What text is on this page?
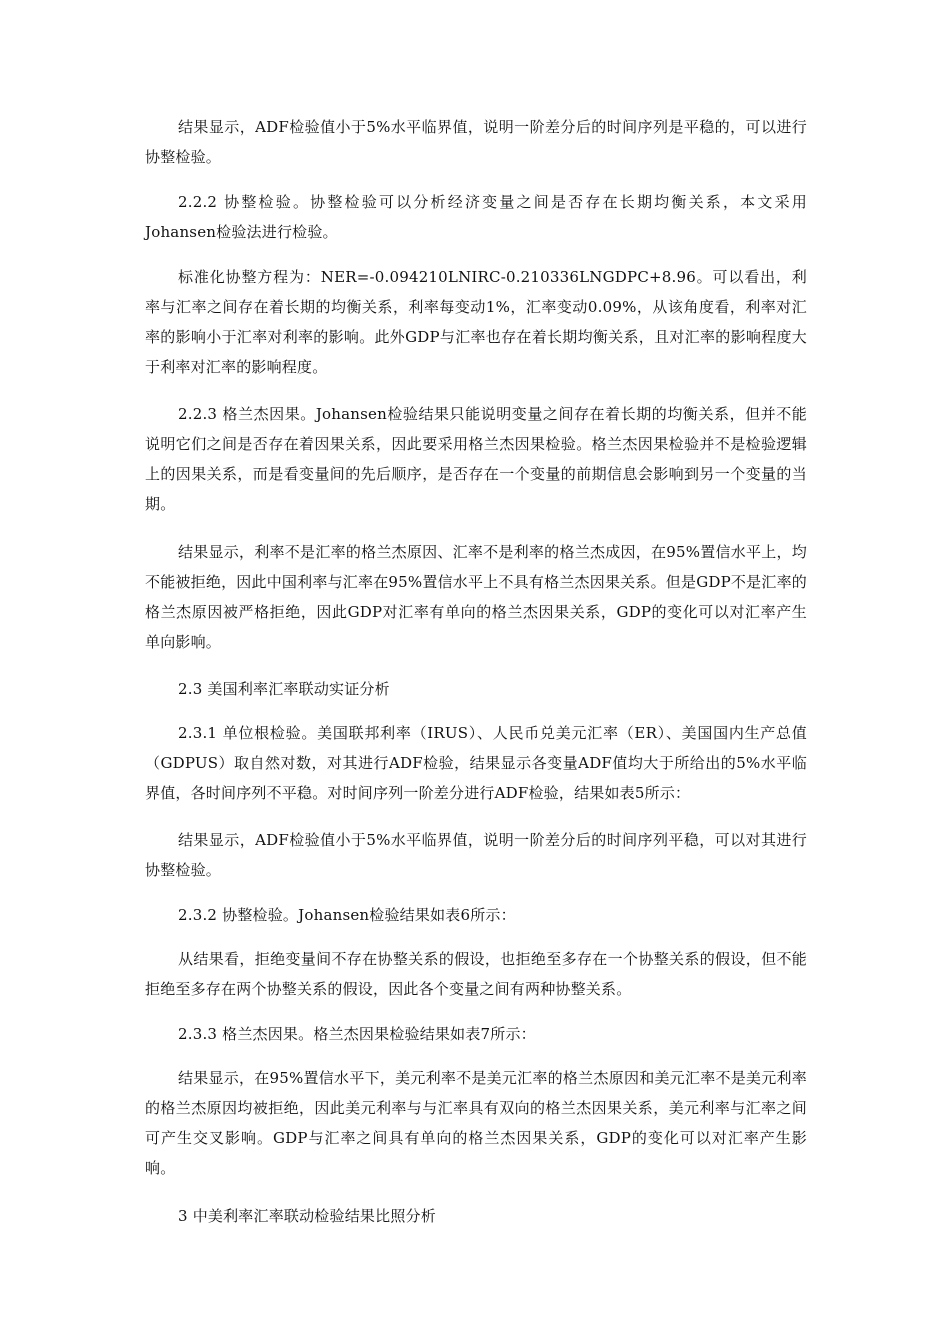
结果显示，ADF检验值小于5%水平临界值，说明一阶差分后的时间序列是平稳的，可以进行协整检验。

2.2.2 协整检验。协整检验可以分析经济变量之间是否存在长期均衡关系，本文采用Johansen检验法进行检验。

标准化协整方程为：NER=-0.094210LNIRC-0.210336LNGDPC+8.96。可以看出，利率与汇率之间存在着长期的均衡关系，利率每变动1%，汇率变动0.09%，从该角度看，利率对汇率的影响小于汇率对利率的影响。此外GDP与汇率也存在着长期均衡关系，且对汇率的影响程度大于利率对汇率的影响程度。

2.2.3 格兰杰因果。Johansen检验结果只能说明变量之间存在着长期的均衡关系，但并不能说明它们之间是否存在着因果关系，因此要采用格兰杰因果检验。格兰杰因果检验并不是检验逻辑上的因果关系，而是看变量间的先后顺序，是否存在一个变量的前期信息会影响到另一个变量的当期。

结果显示，利率不是汇率的格兰杰原因、汇率不是利率的格兰杰成因，在95%置信水平上，均不能被拒绝，因此中国利率与汇率在95%置信水平上不具有格兰杰因果关系。但是GDP不是汇率的格兰杰原因被严格拒绝，因此GDP对汇率有单向的格兰杰因果关系，GDP的变化可以对汇率产生单向影响。

2.3 美国利率汇率联动实证分析

2.3.1 单位根检验。美国联邦利率（IRUS）、人民币兑美元汇率（ER）、美国国内生产总值（GDPUS）取自然对数，对其进行ADF检验，结果显示各变量ADF值均大于所给出的5%水平临界值，各时间序列不平稳。对时间序列一阶差分进行ADF检验，结果如表5所示：

结果显示，ADF检验值小于5%水平临界值，说明一阶差分后的时间序列平稳，可以对其进行协整检验。

2.3.2 协整检验。Johansen检验结果如表6所示：

从结果看，拒绝变量间不存在协整关系的假设，也拒绝至多存在一个协整关系的假设，但不能拒绝至多存在两个协整关系的假设，因此各个变量之间有两种协整关系。

2.3.3 格兰杰因果。格兰杰因果检验结果如表7所示：

结果显示，在95%置信水平下，美元利率不是美元汇率的格兰杰原因和美元汇率不是美元利率的格兰杰原因均被拒绝，因此美元利率与与汇率具有双向的格兰杰因果关系，美元利率与汇率之间可产生交叉影响。GDP与汇率之间具有单向的格兰杰因果关系，GDP的变化可以对汇率产生影响。

3 中美利率汇率联动检验结果比照分析
